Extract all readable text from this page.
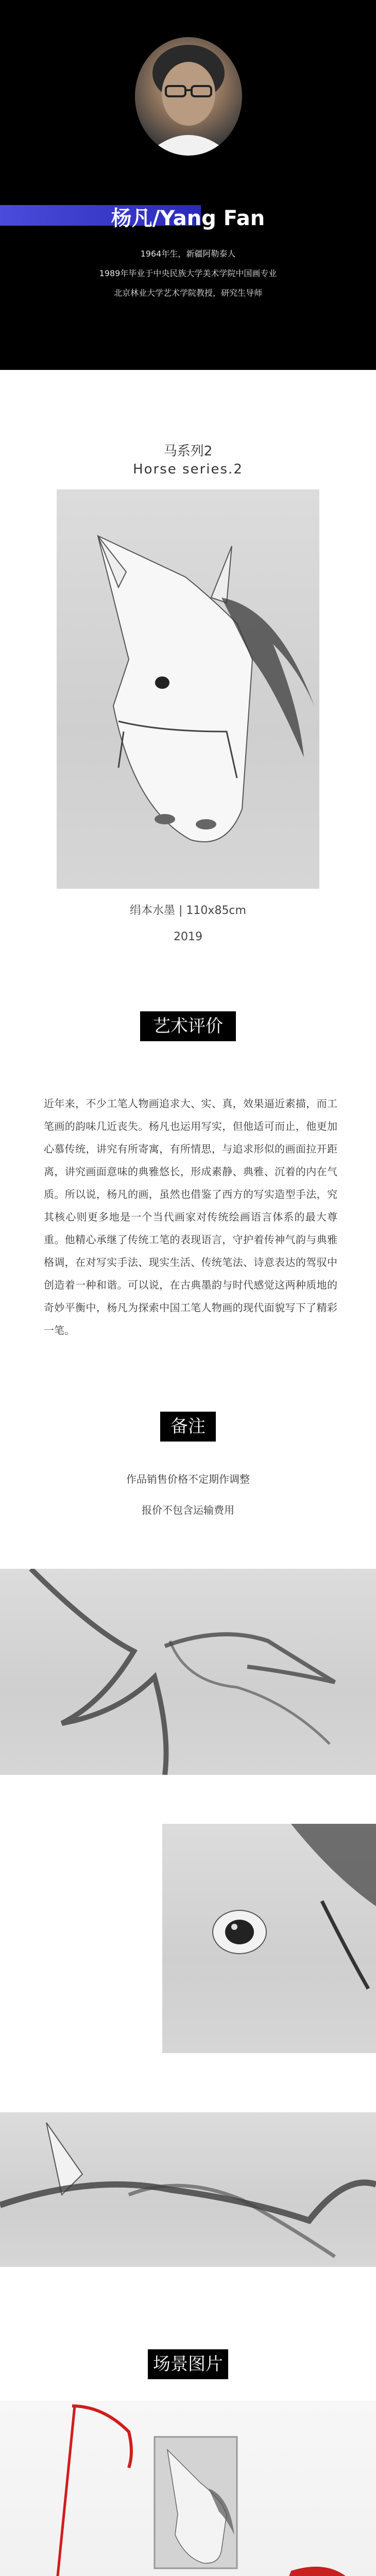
杨凡/Yang Fan
1964年生，新疆阿勒泰人
1989年毕业于中央民族大学美术学院中国画专业
北京林业大学艺术学院教授，研究生导师
马系列2
Horse series.2
绢本水墨 | 110x85cm
2019
艺术评价
近年来，不少工笔人物画追求大、实、真，效果逼近素描，而工笔画的韵味几近丧失。杨凡也运用写实，但他适可而止，他更加心慕传统，讲究有所寄寓，有所情思，与追求形似的画面拉开距离，讲究画面意味的典雅悠长，形成素静、典雅、沉着的内在气质。所以说，杨凡的画，虽然也借鉴了西方的写实造型手法，究其核心则更多地是一个当代画家对传统绘画语言体系的最大尊重。他精心承继了传统工笔的表现语言，守护着传神气韵与典雅格调，在对写实手法、现实生活、传统笔法、诗意表达的驾驭中创造着一种和谐。可以说，在古典墨韵与时代感觉这两种质地的奇妙平衡中，杨凡为探索中国工笔人物画的现代面貌写下了精彩一笔。
备注
作品销售价格不定期作调整
报价不包含运输费用
场景图片
